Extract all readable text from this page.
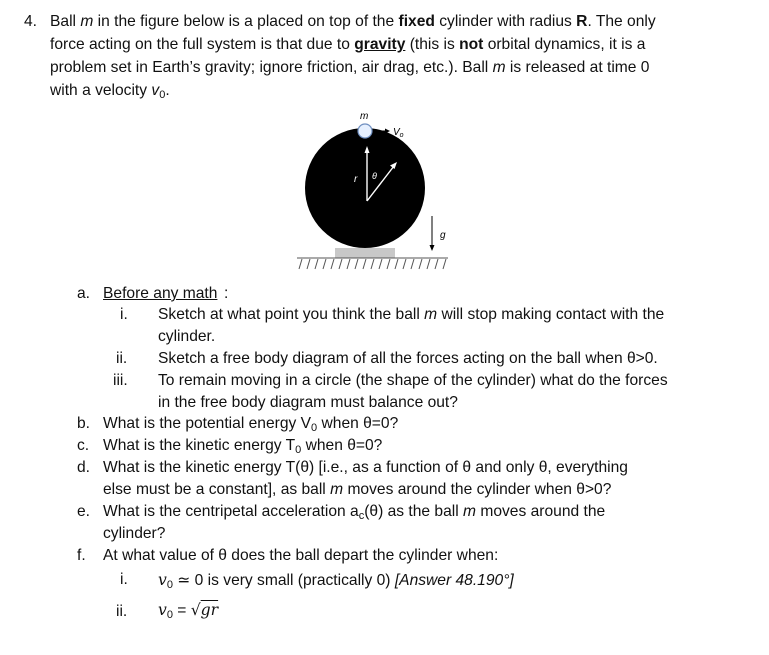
4. Ball m in the figure below is a placed on top of the fixed cylinder with radius R. The only
force acting on the full system is that due to gravity (this is not orbital dynamics, it is a
problem set in Earth’s gravity; ignore friction, air drag, etc.). Ball m is released at time 0
with a velocity $v_0$.
m
$V_o$
r θ
g
a. Before any math :
i. Sketch at what point you think the ball m will stop making contact with the
cylinder.
ii. Sketch a free body diagram of all the forces acting on the ball when θ>0.
iii. To remain moving in a circle (the shape of the cylinder) what do the forces
in the free body diagram must balance out?
b. What is the potential energy $V_0$ when θ=0?
c. What is the kinetic energy $T_0$ when θ=0?
d. What is the kinetic energy T(θ) [i.e., as a function of θ and only θ, everything
else must be a constant], as ball m moves around the cylinder when θ>0?
e. What is the centripetal acceleration $a_c(\theta)$ as the ball m moves around the
cylinder?
f. At what value of θ does the ball depart the cylinder when:
i. $v_0$ ≃ 0 is very small (practically 0) [Answer 48.190°]
ii. $v_0 = √gr$
